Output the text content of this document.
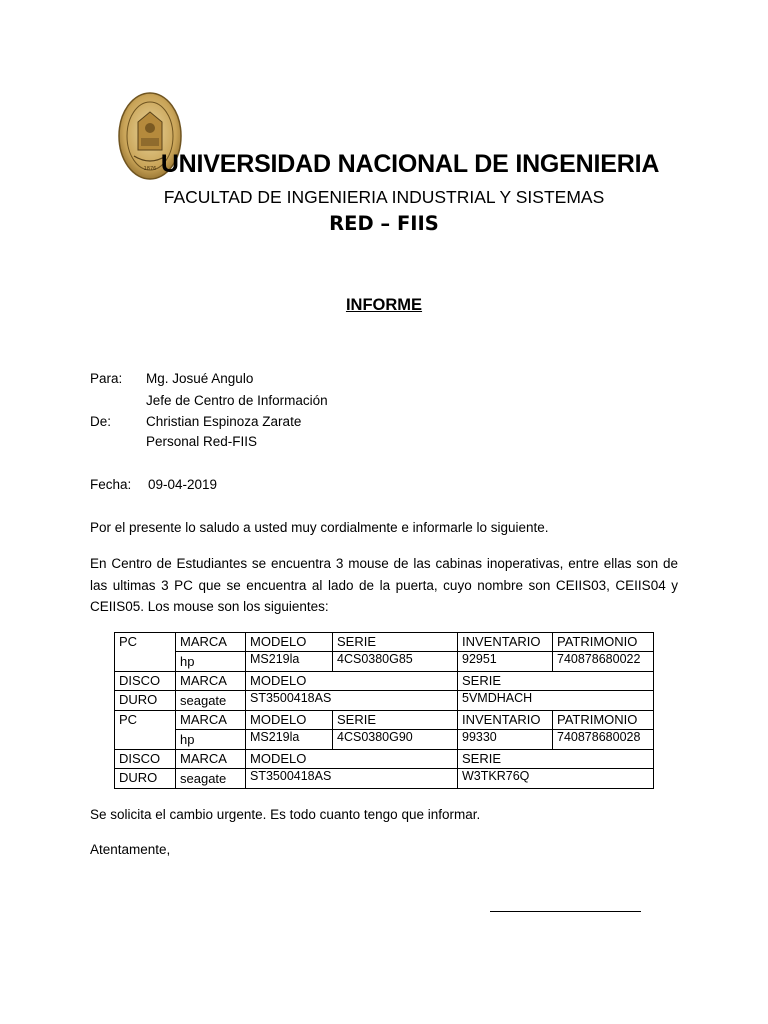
1876 UNIVERSIDAD NACIONAL DE INGENIERIA
FACULTAD DE INGENIERIA INDUSTRIAL Y SISTEMAS
RED – FIIS
INFORME
Para: Mg. Josué Angulo
Jefe de Centro de Información
De:	Christian Espinoza Zarate
Personal Red-FIIS
Fecha: 09-04-2019
Por el presente lo saludo a usted muy cordialmente e informarle lo siguiente.
En Centro de Estudiantes se encuentra 3 mouse de las cabinas inoperativas, entre ellas son de las ultimas 3 PC que se encuentra al lado de la puerta, cuyo nombre son CEIIS03, CEIIS04 y CEIIS05. Los mouse son los siguientes:
PC	MARCA	MODELO	SERIE	INVENTARIO	PATRIMONIO
	hp	MS219la	4CS0380G85	92951	740878680022
DISCO	MARCA	MODELO		SERIE	
DURO	seagate	ST3500418AS		5VMDHACH	
PC	MARCA	MODELO	SERIE	INVENTARIO	PATRIMONIO
	hp	MS219la	4CS0380G90	99330	740878680028
DISCO	MARCA	MODELO		SERIE	
DURO	seagate	ST3500418AS		W3TKR76Q	
Se solicita el cambio urgente. Es todo cuanto tengo que informar.
Atentamente,
